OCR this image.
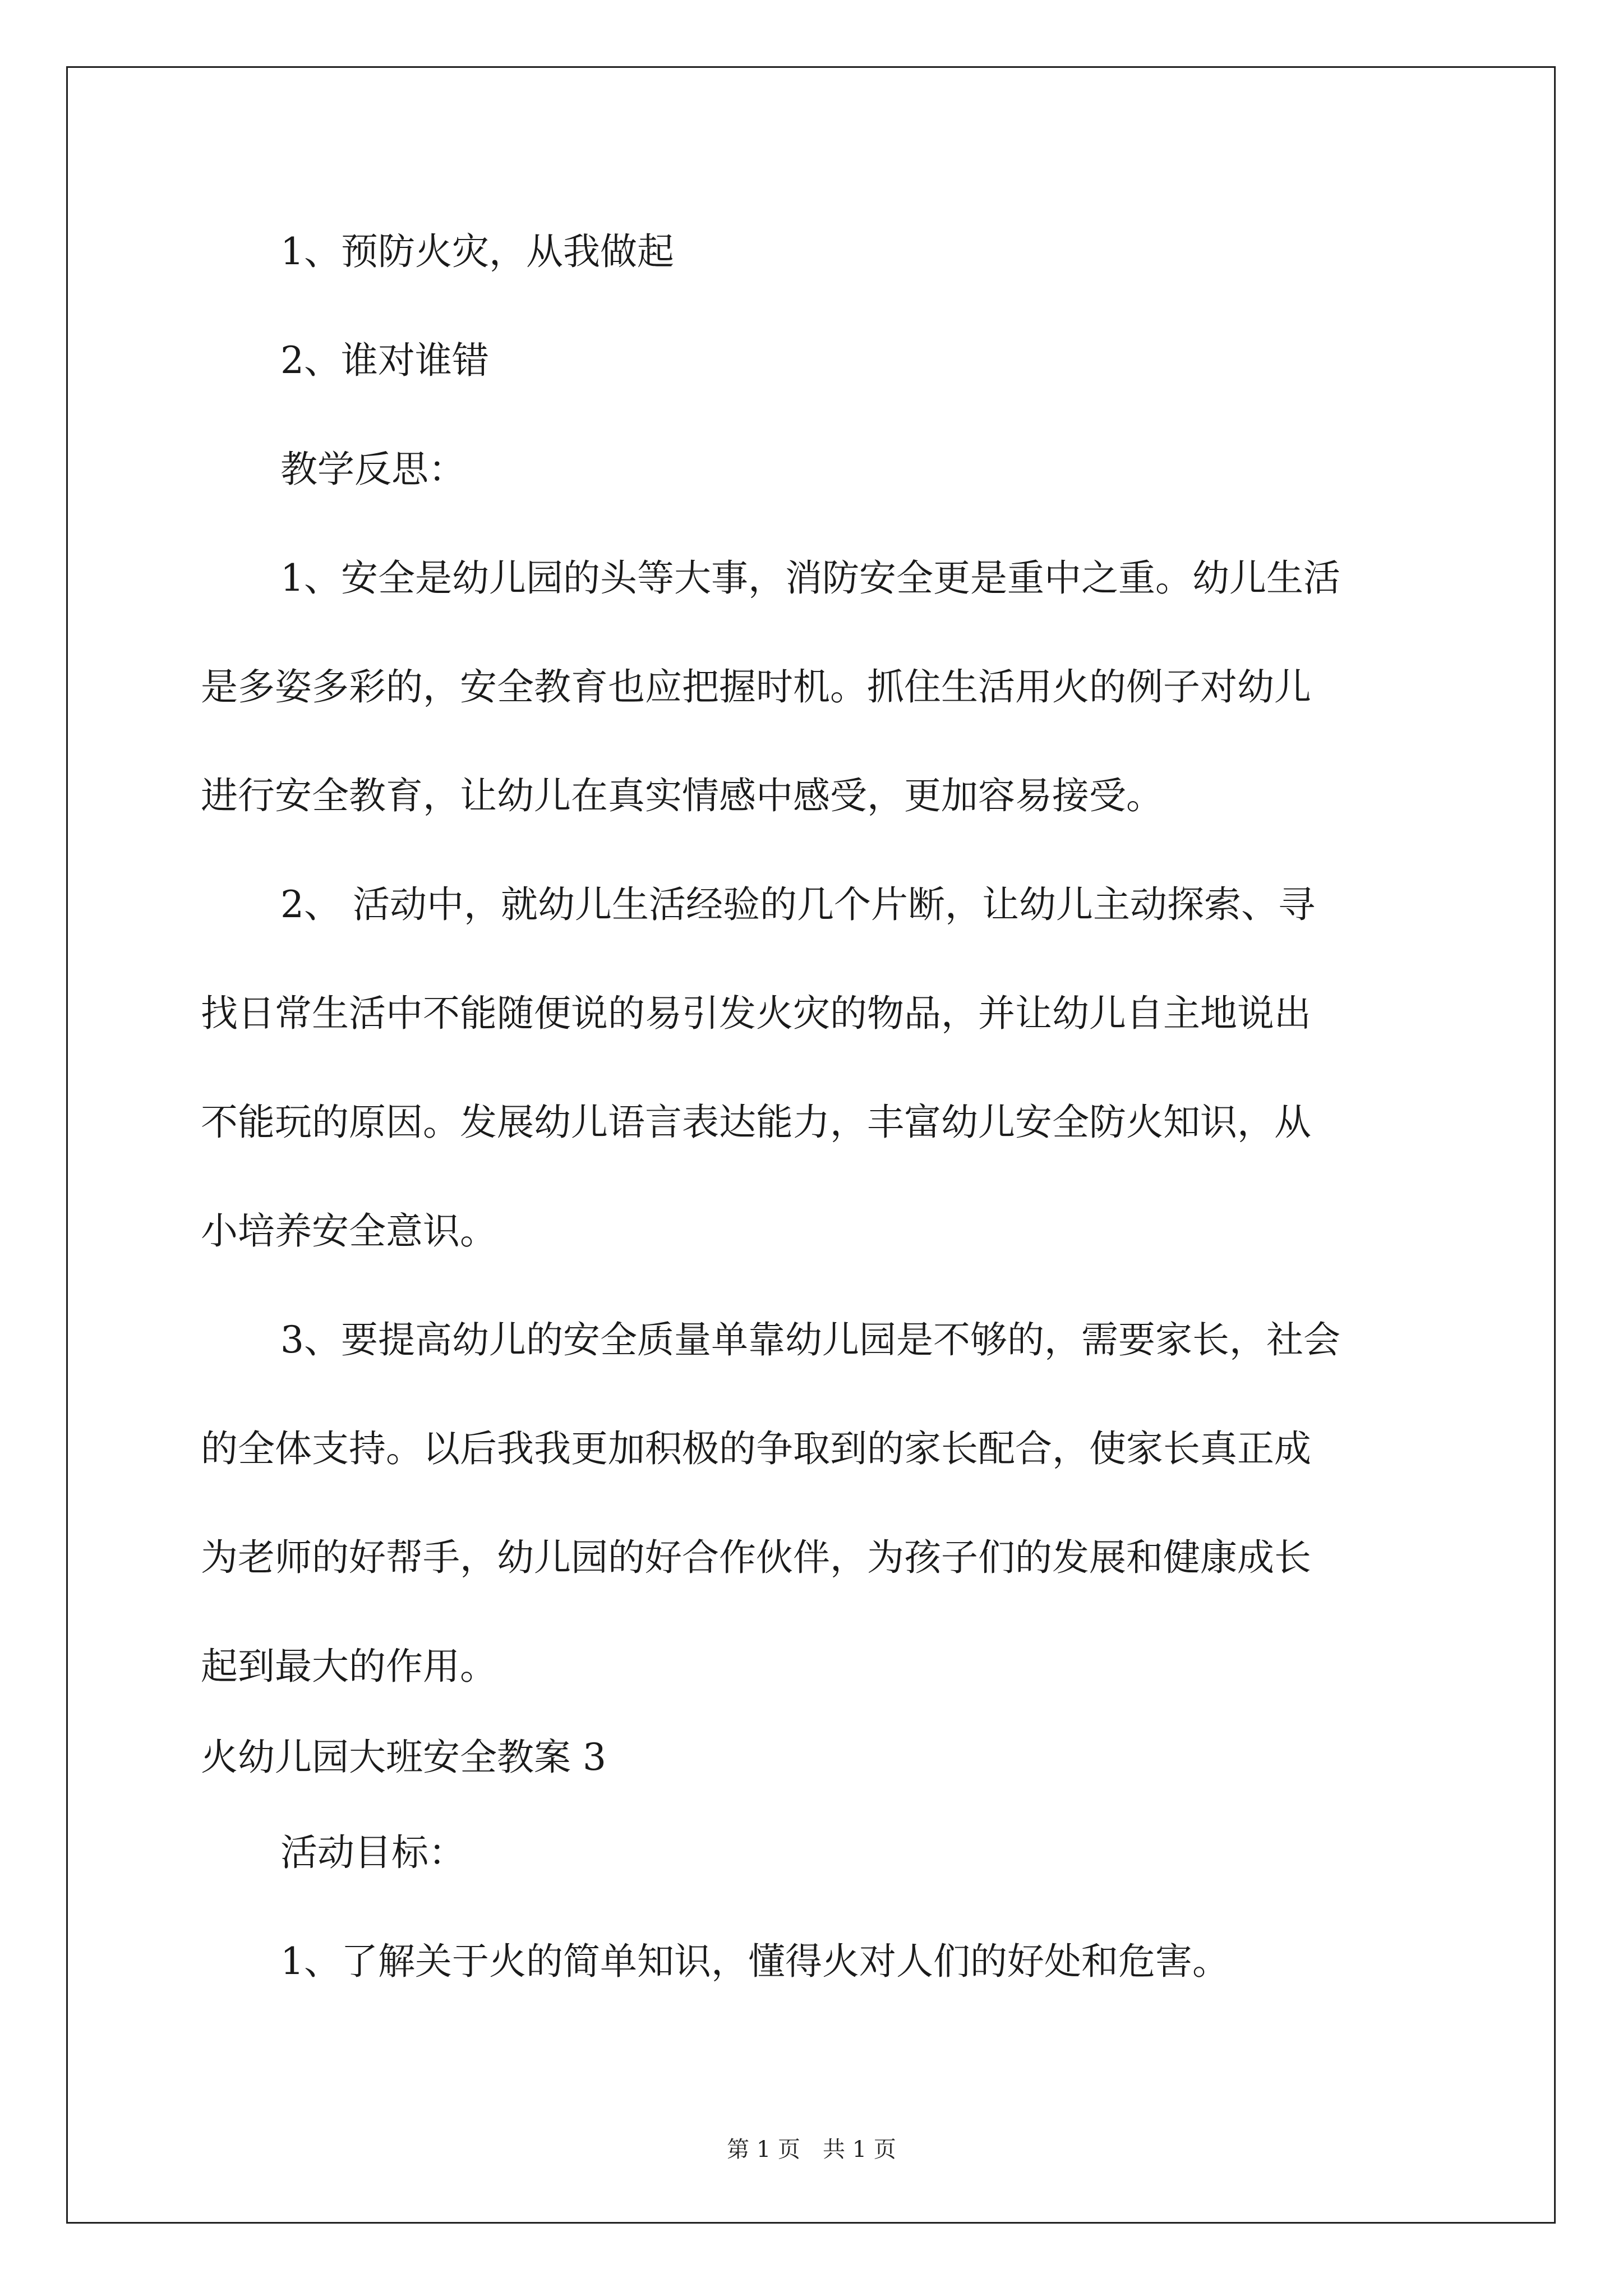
1、预防火灾，从我做起
2、谁对谁错
教学反思：
1、安全是幼儿园的头等大事，消防安全更是重中之重。幼儿生活
是多姿多彩的，安全教育也应把握时机。抓住生活用火的例子对幼儿
进行安全教育，让幼儿在真实情感中感受，更加容易接受。
2、 活动中，就幼儿生活经验的几个片断，让幼儿主动探索、寻
找日常生活中不能随便说的易引发火灾的物品，并让幼儿自主地说出
不能玩的原因。发展幼儿语言表达能力，丰富幼儿安全防火知识，从
小培养安全意识。
3、要提高幼儿的安全质量单靠幼儿园是不够的，需要家长，社会
的全体支持。以后我我更加积极的争取到的家长配合，使家长真正成
为老师的好帮手，幼儿园的好合作伙伴，为孩子们的发展和健康成长
起到最大的作用。
火幼儿园大班安全教案 3
活动目标：
1、了解关于火的简单知识，懂得火对人们的好处和危害。
第 1 页　共 1 页
